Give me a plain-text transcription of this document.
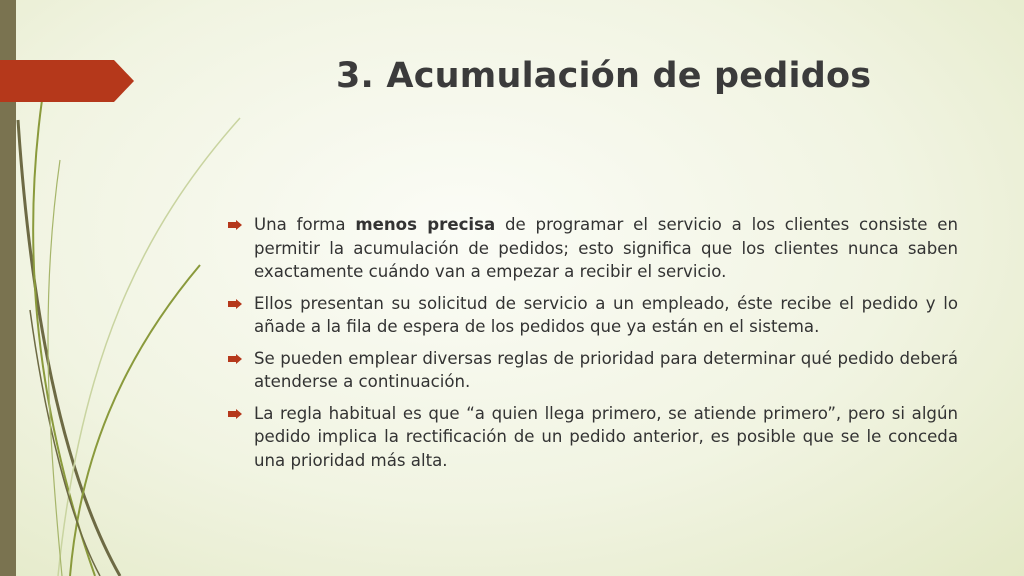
3. Acumulación de pedidos
Una forma menos precisa de programar el servicio a los clientes consiste en permitir la acumulación de pedidos; esto significa que los clientes nunca saben exactamente cuándo van a empezar a recibir el servicio.
Ellos presentan su solicitud de servicio a un empleado, éste recibe el pedido y lo añade a la fila de espera de los pedidos que ya están en el sistema.
Se pueden emplear diversas reglas de prioridad para determinar qué pedido deberá atenderse a continuación.
La regla habitual es que “a quien llega primero, se atiende primero”, pero si algún pedido implica la rectificación de un pedido anterior, es posible que se le conceda una prioridad más alta.
